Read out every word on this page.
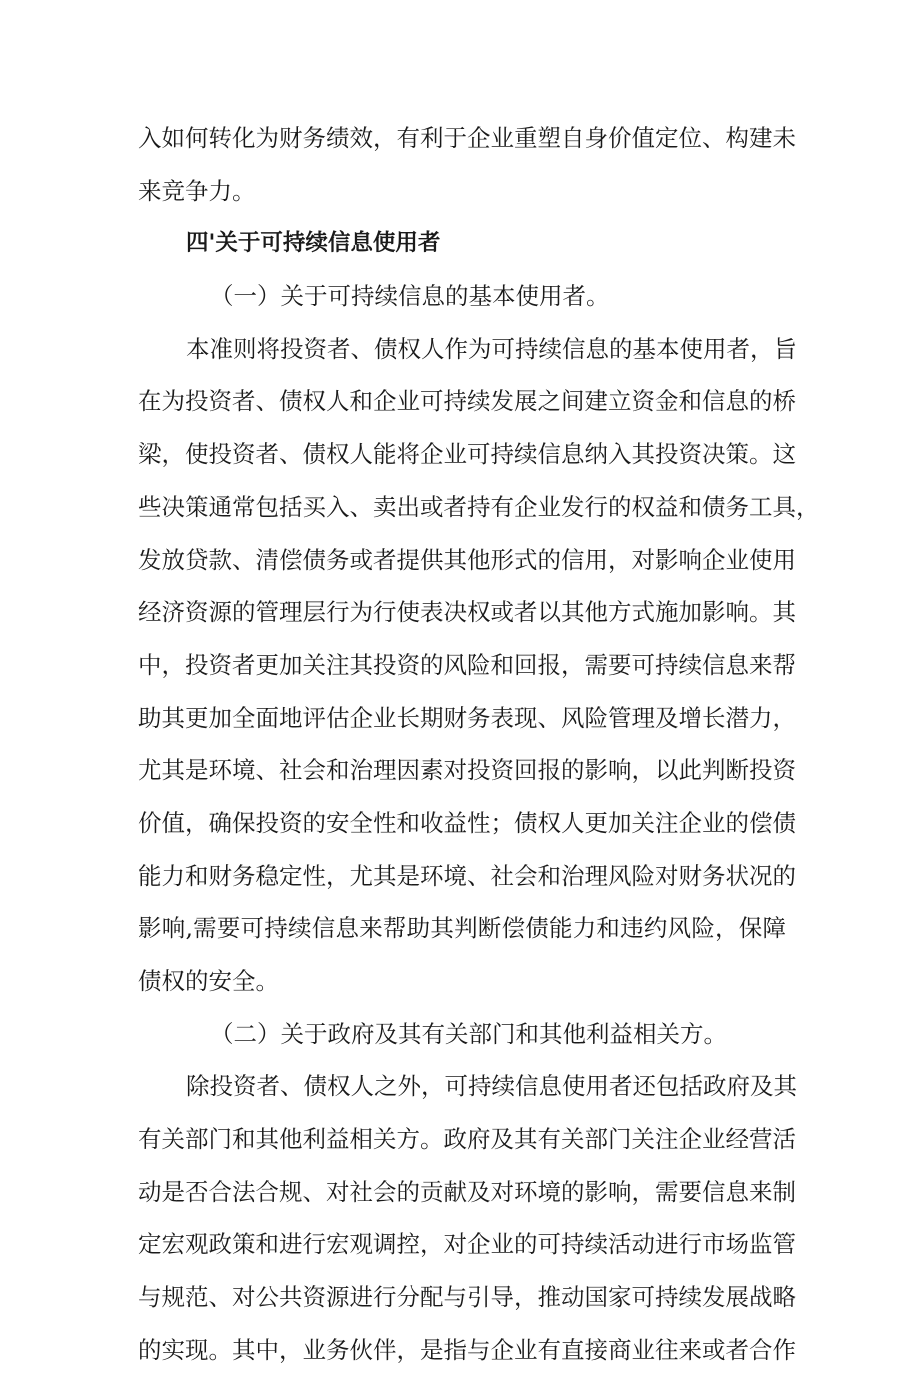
入如何转化为财务绩效，有利于企业重塑自身价值定位、构建未
来竞争力。
四'关于可持续信息使用者
（一）关于可持续信息的基本使用者。
本准则将投资者、债权人作为可持续信息的基本使用者，旨
在为投资者、债权人和企业可持续发展之间建立资金和信息的桥
梁，使投资者、债权人能将企业可持续信息纳入其投资决策。这
些决策通常包括买入、卖出或者持有企业发行的权益和债务工具，
发放贷款、清偿债务或者提供其他形式的信用，对影响企业使用
经济资源的管理层行为行使表决权或者以其他方式施加影响。其
中，投资者更加关注其投资的风险和回报，需要可持续信息来帮
助其更加全面地评估企业长期财务表现、风险管理及增长潜力，
尤其是环境、社会和治理因素对投资回报的影响，以此判断投资
价值，确保投资的安全性和收益性；债权人更加关注企业的偿债
能力和财务稳定性，尤其是环境、社会和治理风险对财务状况的
影响,需要可持续信息来帮助其判断偿债能力和违约风险，保障
债权的安全。
（二）关于政府及其有关部门和其他利益相关方。
除投资者、债权人之外，可持续信息使用者还包括政府及其
有关部门和其他利益相关方。政府及其有关部门关注企业经营活
动是否合法合规、对社会的贡献及对环境的影响，需要信息来制
定宏观政策和进行宏观调控，对企业的可持续活动进行市场监管
与规范、对公共资源进行分配与引导，推动国家可持续发展战略
的实现。其中，业务伙伴，是指与企业有直接商业往来或者合作
